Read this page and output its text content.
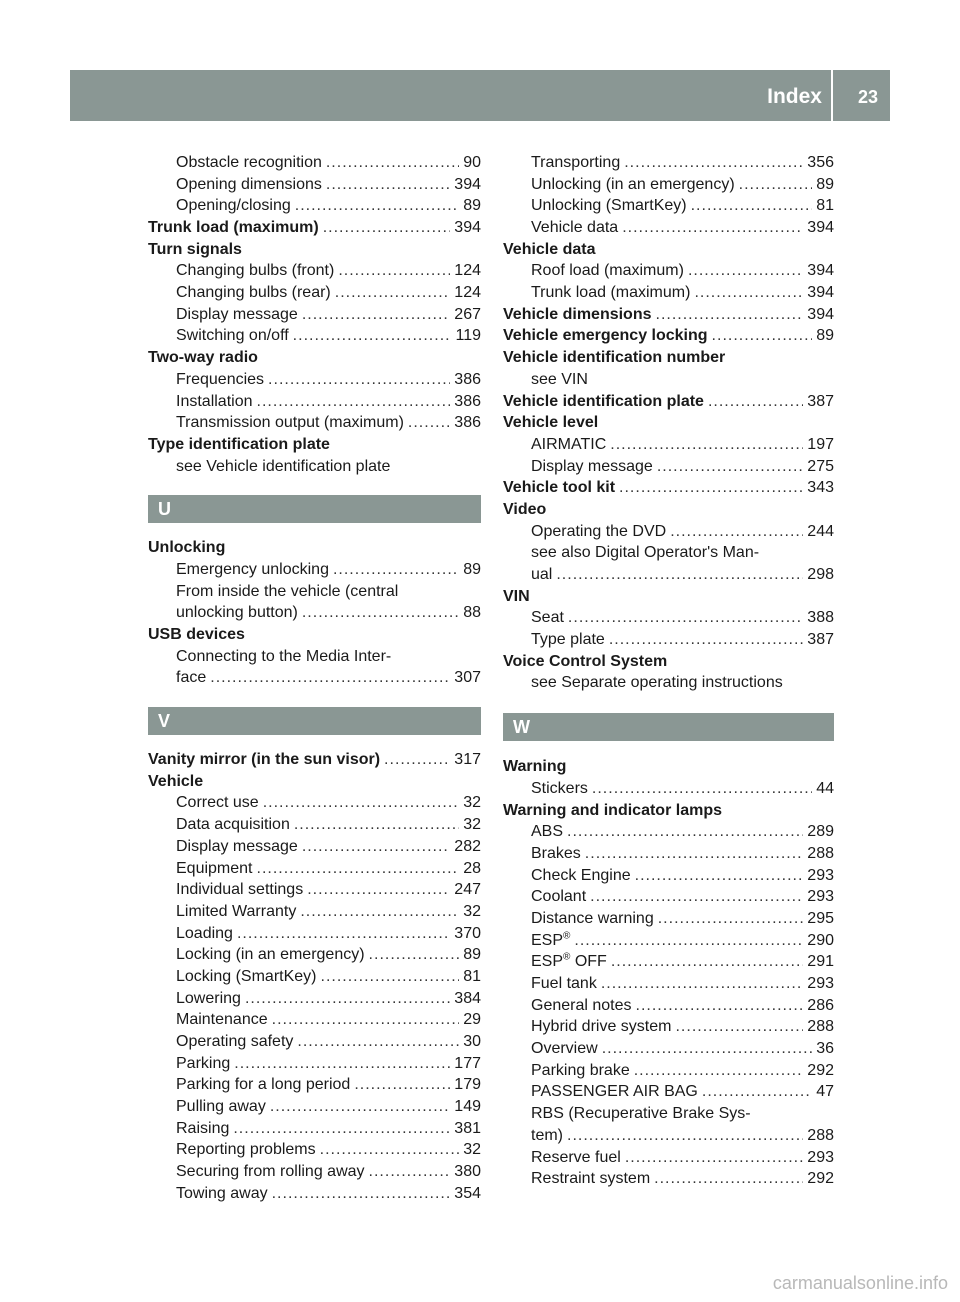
Index 23
Obstacle recognition .....	90
Opening dimensions .....	394
Opening/closing .....	89
Trunk load (maximum) .....	394
Turn signals
Changing bulbs (front) .....	124
Changing bulbs (rear) .....	124
Display message .....	267
Switching on/off .....	119
Two-way radio
Frequencies .....	386
Installation .....	386
Transmission output (maximum) .....	386
Type identification plate
see Vehicle identification plate
U
Unlocking
Emergency unlocking .....	89
From inside the vehicle (central
unlocking button) .....	88
USB devices
Connecting to the Media Inter-
face .....	307
V
Vanity mirror (in the sun visor) .....	317
Vehicle
Correct use .....	32
Data acquisition .....	32
Display message .....	282
Equipment .....	28
Individual settings .....	247
Limited Warranty .....	32
Loading .....	370
Locking (in an emergency) .....	89
Locking (SmartKey) .....	81
Lowering .....	384
Maintenance .....	29
Operating safety .....	30
Parking .....	177
Parking for a long period .....	179
Pulling away .....	149
Raising .....	381
Reporting problems .....	32
Securing from rolling away .....	380
Towing away .....	354
Transporting .....	356
Unlocking (in an emergency) .....	89
Unlocking (SmartKey) .....	81
Vehicle data .....	394
Vehicle data
Roof load (maximum) .....	394
Trunk load (maximum) .....	394
Vehicle dimensions .....	394
Vehicle emergency locking .....	89
Vehicle identification number
see VIN
Vehicle identification plate .....	387
Vehicle level
AIRMATIC .....	197
Display message .....	275
Vehicle tool kit .....	343
Video
Operating the DVD .....	244
see also Digital Operator's Man-
ual .....	298
VIN
Seat .....	388
Type plate .....	387
Voice Control System
see Separate operating instructions
W
Warning
Stickers .....	44
Warning and indicator lamps
ABS .....	289
Brakes .....	288
Check Engine .....	293
Coolant .....	293
Distance warning .....	295
ESP® .....	290
ESP® OFF .....	291
Fuel tank .....	293
General notes .....	286
Hybrid drive system .....	288
Overview .....	36
Parking brake .....	292
PASSENGER AIR BAG .....	47
RBS (Recuperative Brake Sys-
tem) .....	288
Reserve fuel .....	293
Restraint system .....	292
carmanualsonline.info
